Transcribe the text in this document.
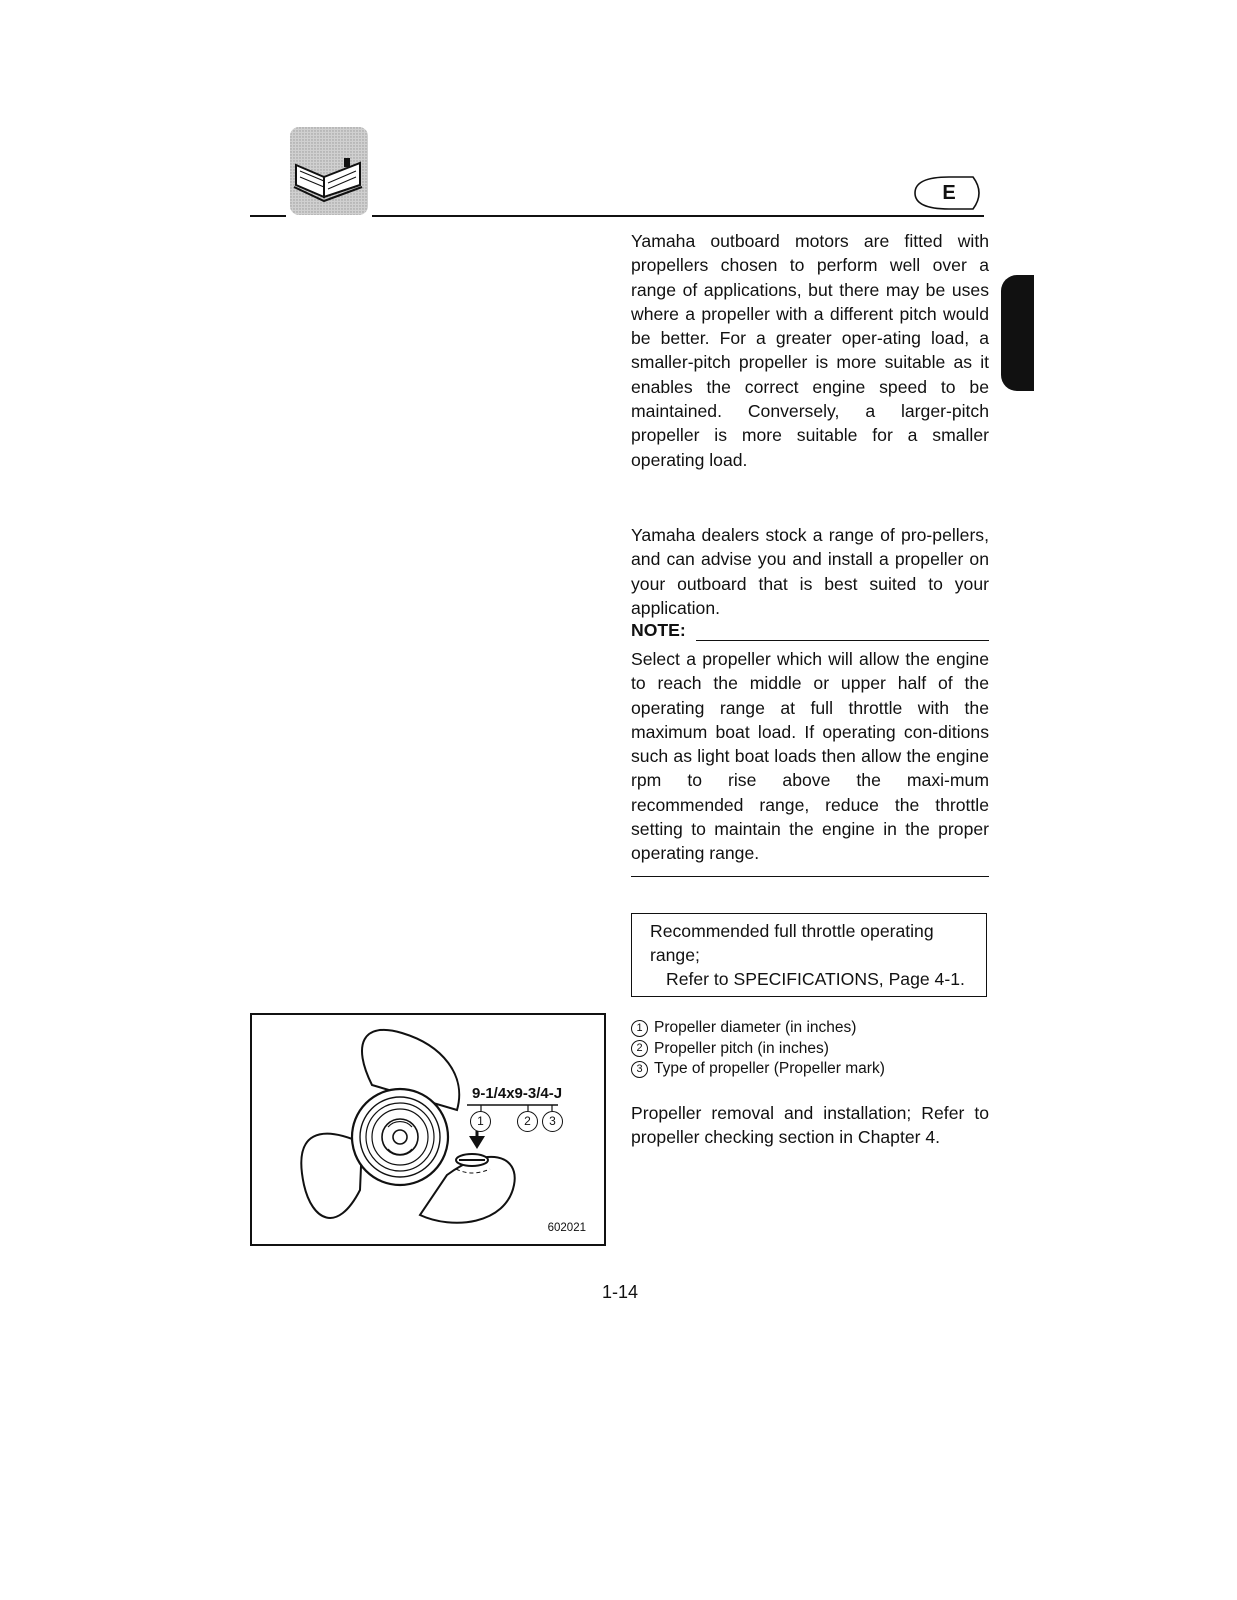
E

Yamaha outboard motors are fitted with propellers chosen to perform well over a range of applications, but there may be uses where a propeller with a different pitch would be better. For a greater oper-ating load, a smaller-pitch propeller is more suitable as it enables the correct engine speed to be maintained. Conversely, a larger-pitch propeller is more suitable for a smaller operating load.

Yamaha dealers stock a range of pro-pellers, and can advise you and install a propeller on your outboard that is best suited to your application.

NOTE:

Select a propeller which will allow the engine to reach the middle or upper half of the operating range at full throttle with the maximum boat load. If operating con-ditions such as light boat loads then allow the engine rpm to rise above the maxi-mum recommended range, reduce the throttle setting to maintain the engine in the proper operating range.

Recommended full throttle operating range;
Refer to SPECIFICATIONS, Page 4-1.
1 Propeller diameter (in inches)
2 Propeller pitch (in inches)
3 Type of propeller (Propeller mark)

Propeller removal and installation; Refer to propeller checking section in Chapter 4.

9-1/4x9-3/4-J
1	2	3
602021
1-14
